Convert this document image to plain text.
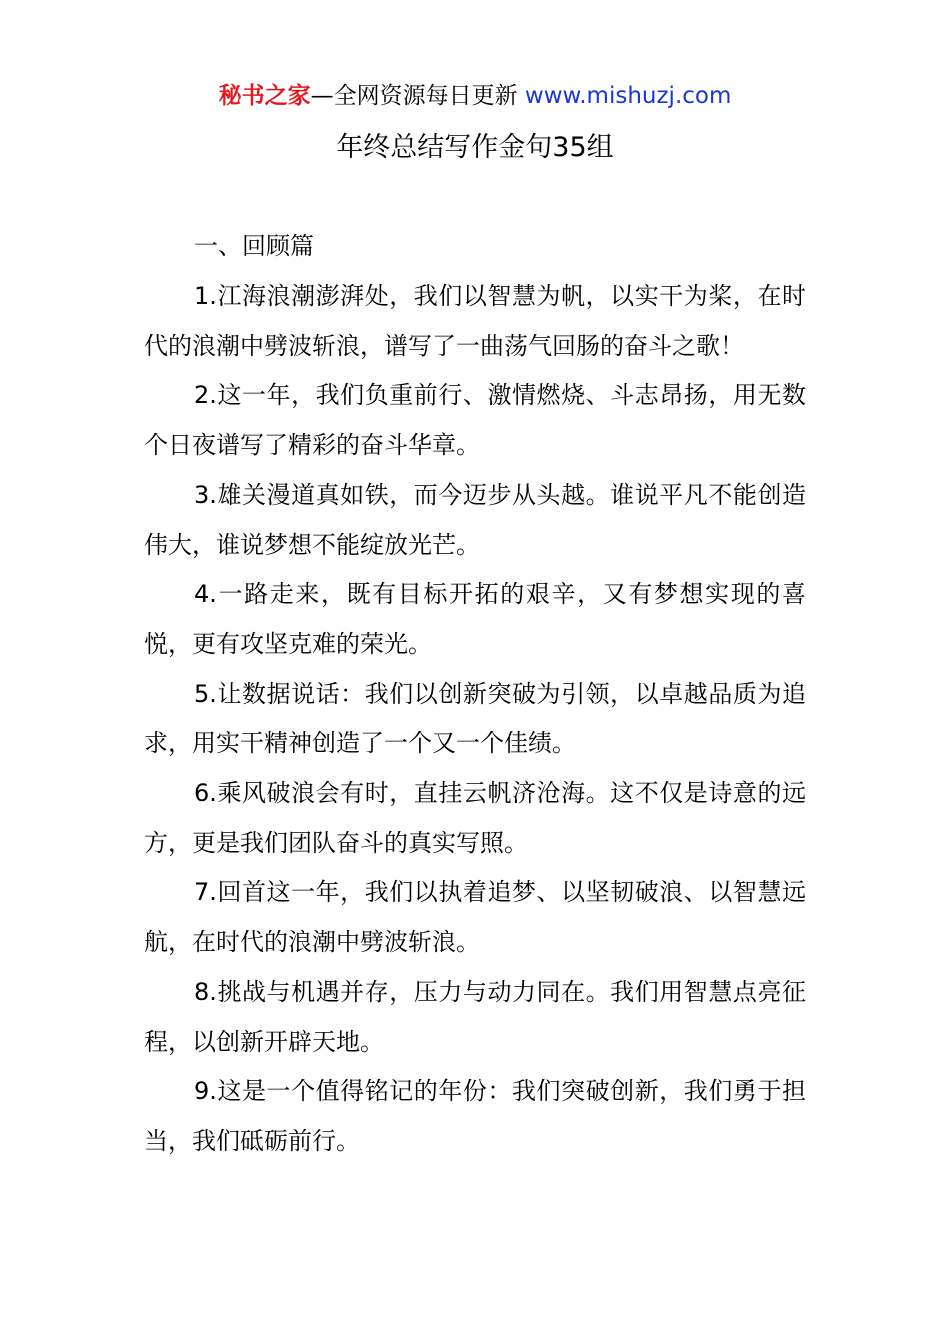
秘书之家—全网资源每日更新 www.mishuzj.com
年终总结写作金句35组
一、回顾篇

1.江海浪潮澎湃处，我们以智慧为帆，以实干为桨，在时代的浪潮中劈波斩浪，谱写了一曲荡气回肠的奋斗之歌！

2.这一年，我们负重前行、激情燃烧、斗志昂扬，用无数个日夜谱写了精彩的奋斗华章。

3.雄关漫道真如铁，而今迈步从头越。谁说平凡不能创造伟大，谁说梦想不能绽放光芒。

4.一路走来，既有目标开拓的艰辛，又有梦想实现的喜悦，更有攻坚克难的荣光。

5.让数据说话：我们以创新突破为引领，以卓越品质为追求，用实干精神创造了一个又一个佳绩。

6.乘风破浪会有时，直挂云帆济沧海。这不仅是诗意的远方，更是我们团队奋斗的真实写照。

7.回首这一年，我们以执着追梦、以坚韧破浪、以智慧远航，在时代的浪潮中劈波斩浪。

8.挑战与机遇并存，压力与动力同在。我们用智慧点亮征程，以创新开辟天地。

9.这是一个值得铭记的年份：我们突破创新，我们勇于担当，我们砥砺前行。
